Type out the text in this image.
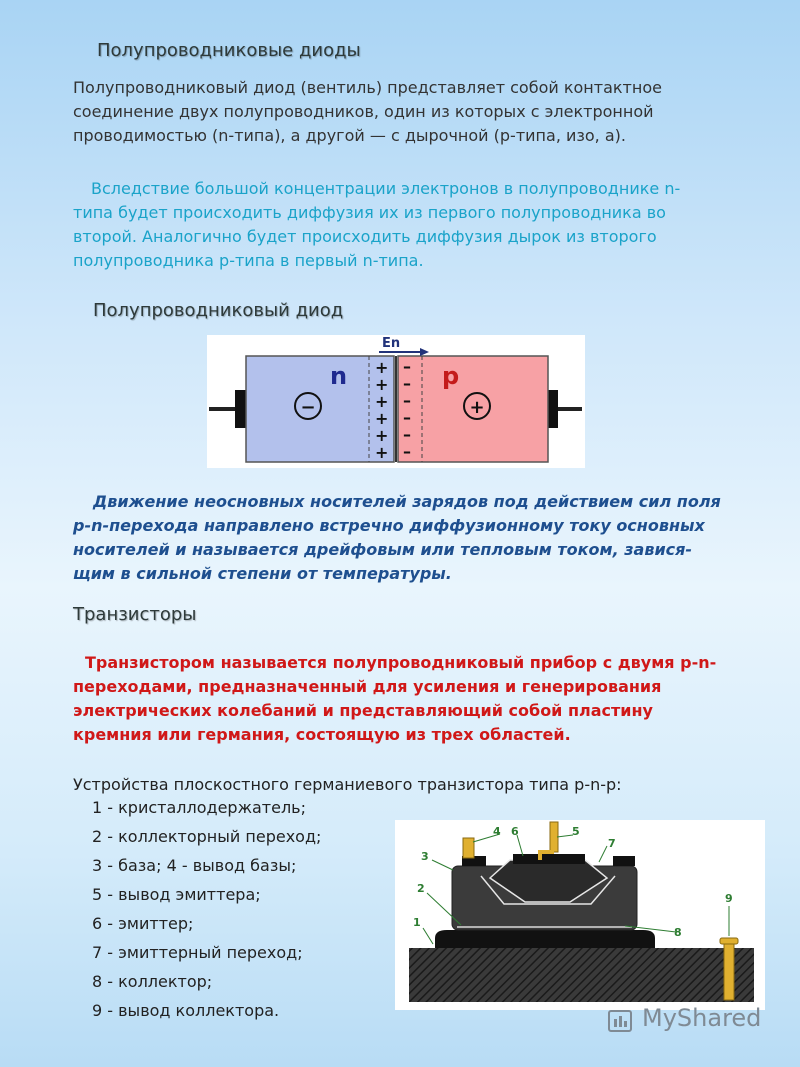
Полупроводниковые диоды
Полупроводниковый диод (вентиль) представляет собой контактное
соединение двух полупроводников, один из которых с электронной
проводимостью (n-типа), а другой — с дырочной (р-типа, изо, а).
Вследствие большой концентрации электронов в полупроводнике n-
типа будет происходить диффузия их из первого полупроводника во
второй. Аналогично будет происходить диффузия дырок из второго
полупроводника р-типа в первый n-типа.
Полупроводниковый диод
En
n	p
−	+
+
+
+
+
+
+
–
–
–
–
–
–
Движение неосновных носителей зарядов под действием сил поля
p-n-перехода направлено встречно диффузионному току основных
носителей и называется дрейфовым или тепловым током, завися-
щим в сильной степени от температуры.
Транзисторы
Транзистором называется полупроводниковый прибор с двумя р-n-
переходами, предназначенный для усиления и генерирования
электрических колебаний и представляющий собой пластину
кремния или германия, состоящую из трех областей.
Устройства плоскостного германиевого транзистора типа р-n-р:
1 - кристаллодержатель;
2 - коллекторный переход;
3 - база; 4 - вывод базы;
5 - вывод эмиттера;
6 - эмиттер;
7 - эмиттерный переход;
8 - коллектор;
9 - вывод коллектора.
1
2
3
4	5
6
7
8
9
MyShared
